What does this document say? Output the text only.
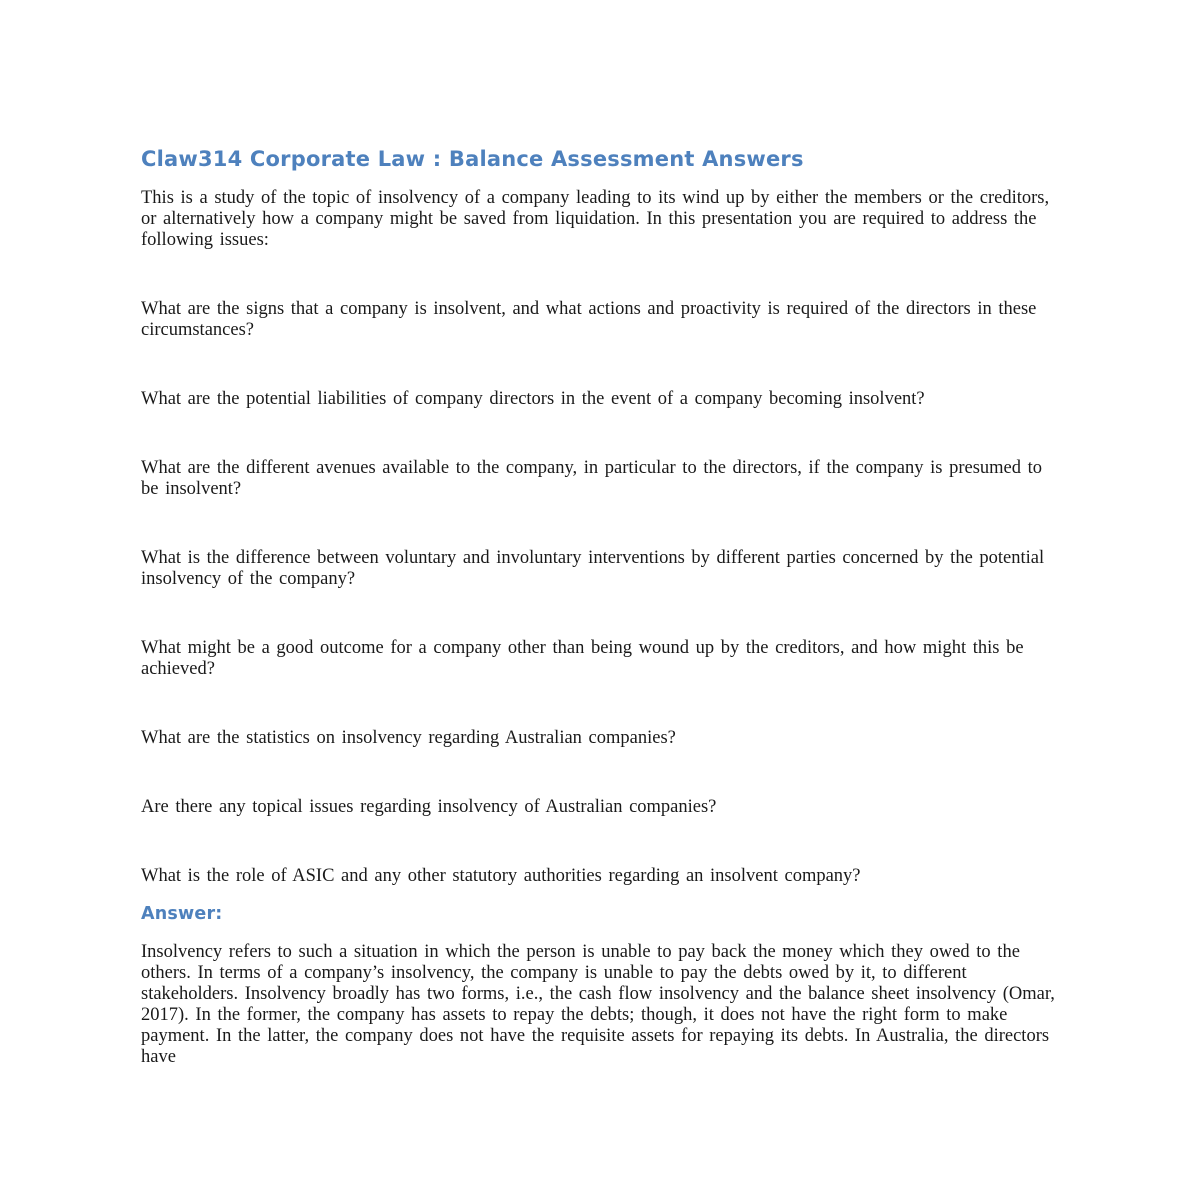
Claw314 Corporate Law : Balance Assessment Answers

This is a study of the topic of insolvency of a company leading to its wind up by either the members or the creditors, or alternatively how a company might be saved from liquidation. In this presentation you are required to address the following issues:

What are the signs that a company is insolvent, and what actions and proactivity is required of the directors in these circumstances?

What are the potential liabilities of company directors in the event of a company becoming insolvent?

What are the different avenues available to the company, in particular to the directors, if the company is presumed to be insolvent?

What is the difference between voluntary and involuntary interventions by different parties concerned by the potential insolvency of the company?

What might be a good outcome for a company other than being wound up by the creditors, and how might this be achieved?

What are the statistics on insolvency regarding Australian companies?

Are there any topical issues regarding insolvency of Australian companies?

What is the role of ASIC and any other statutory authorities regarding an insolvent company?

Answer:

Insolvency refers to such a situation in which the person is unable to pay back the money which they owed to the others. In terms of a company’s insolvency, the company is unable to pay the debts owed by it, to different stakeholders. Insolvency broadly has two forms, i.e., the cash flow insolvency and the balance sheet insolvency (Omar, 2017). In the former, the company has assets to repay the debts; though, it does not have the right form to make payment. In the latter, the company does not have the requisite assets for repaying its debts. In Australia, the directors have
